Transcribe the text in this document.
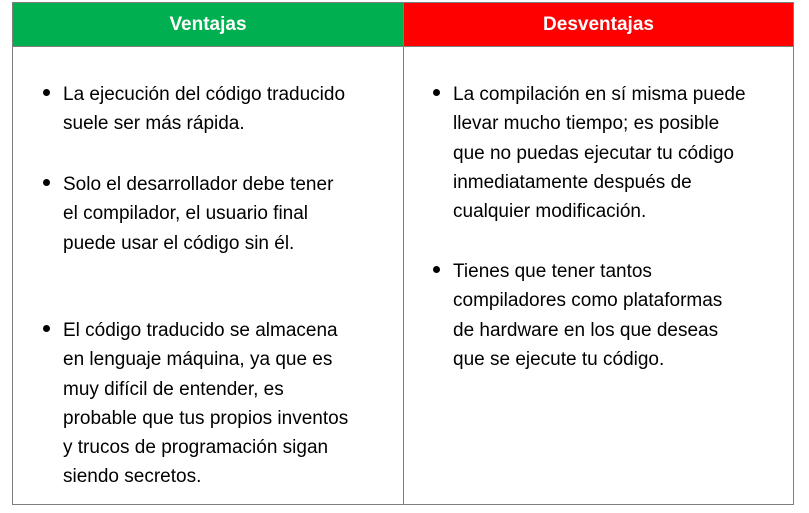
Ventajas	Desventajas
La ejecución del código traducido
suele ser más rápida.
Solo el desarrollador debe tener
el compilador, el usuario final
puede usar el código sin él.
El código traducido se almacena
en lenguaje máquina, ya que es
muy difícil de entender, es
probable que tus propios inventos
y trucos de programación sigan
siendo secretos.
La compilación en sí misma puede
llevar mucho tiempo; es posible
que no puedas ejecutar tu código
inmediatamente después de
cualquier modificación.
Tienes que tener tantos
compiladores como plataformas
de hardware en los que deseas
que se ejecute tu código.
